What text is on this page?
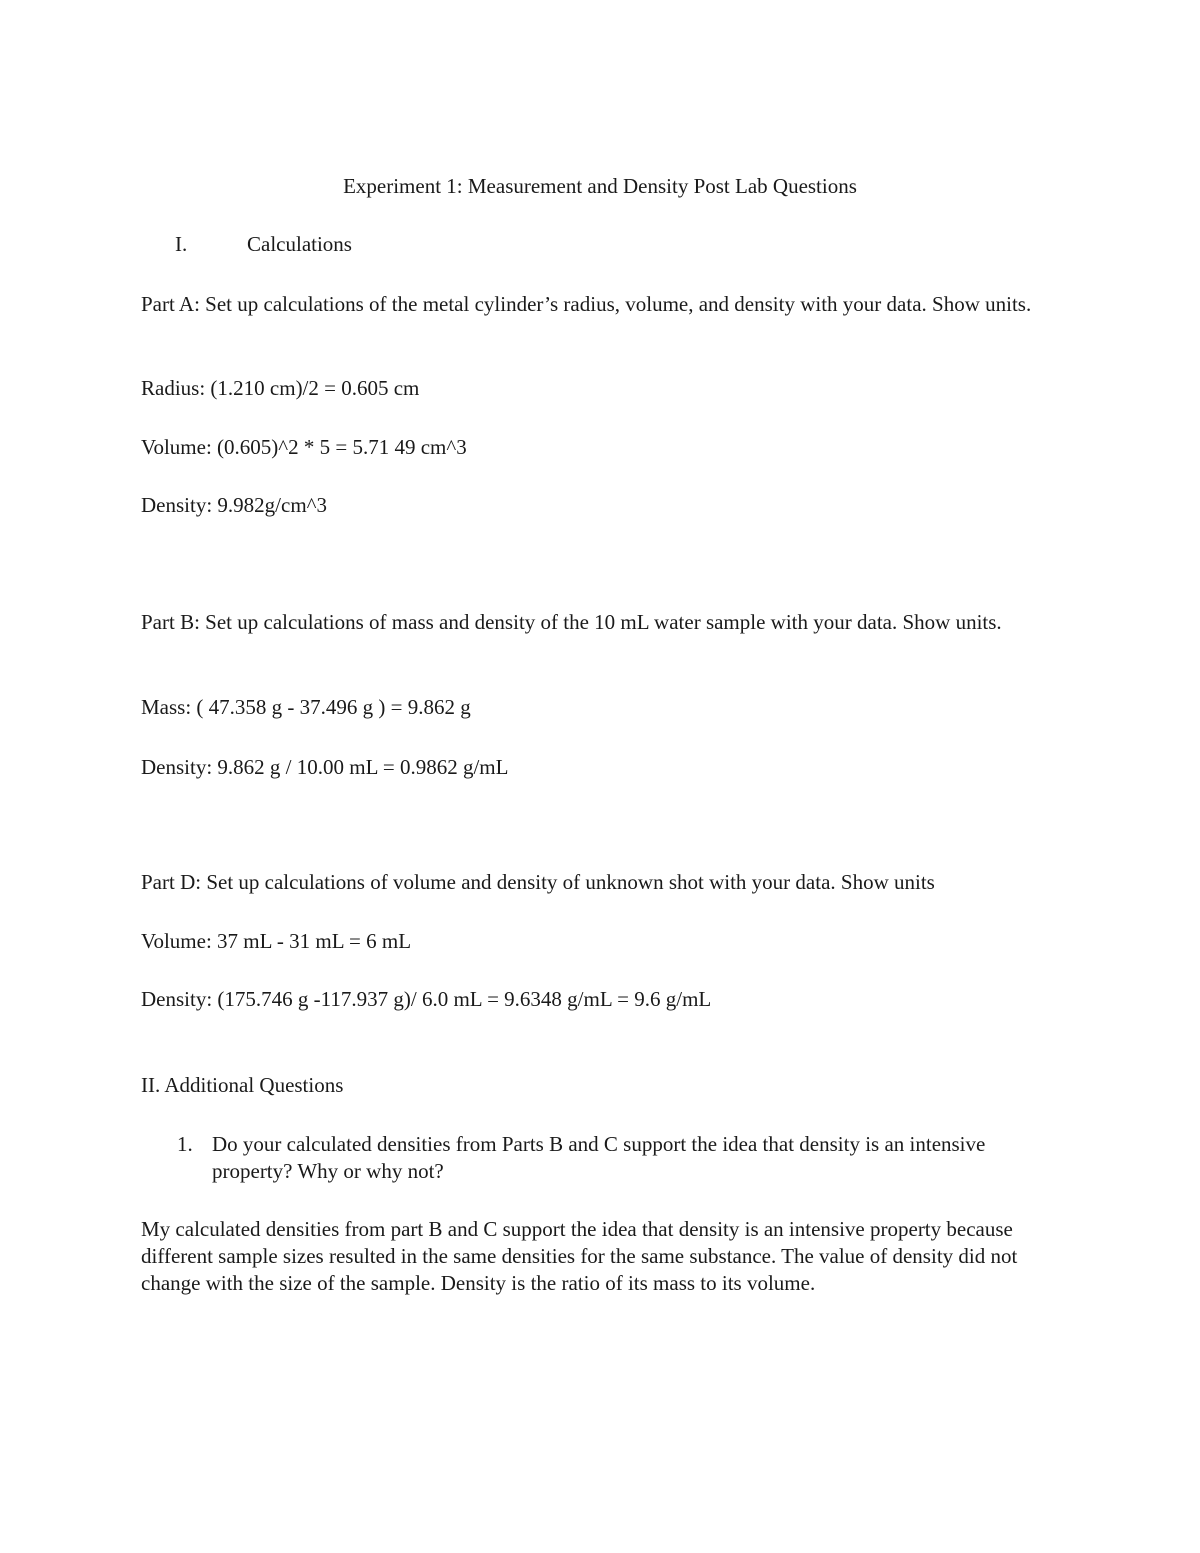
Experiment 1: Measurement and Density Post Lab Questions
I.	Calculations
Part A: Set up calculations of the metal cylinder’s radius, volume, and density with your data. Show units.
Radius: (1.210 cm)/2 = 0.605 cm
Volume: (0.605)^2 * 5 = 5.71 49 cm^3
Density: 9.982g/cm^3
Part B: Set up calculations of mass and density of the 10 mL water sample with your data. Show units.
Mass: ( 47.358 g - 37.496 g ) = 9.862 g
Density: 9.862 g / 10.00 mL = 0.9862 g/mL
Part D: Set up calculations of volume and density of unknown shot with your data. Show units
Volume: 37 mL - 31 mL = 6 mL
Density: (175.746 g -117.937 g)/ 6.0 mL = 9.6348 g/mL = 9.6 g/mL
II. Additional Questions
1. Do your calculated densities from Parts B and C support the idea that density is an intensive property? Why or why not?
My calculated densities from part B and C support the idea that density is an intensive property because different sample sizes resulted in the same densities for the same substance. The value of density did not change with the size of the sample. Density is the ratio of its mass to its volume.
